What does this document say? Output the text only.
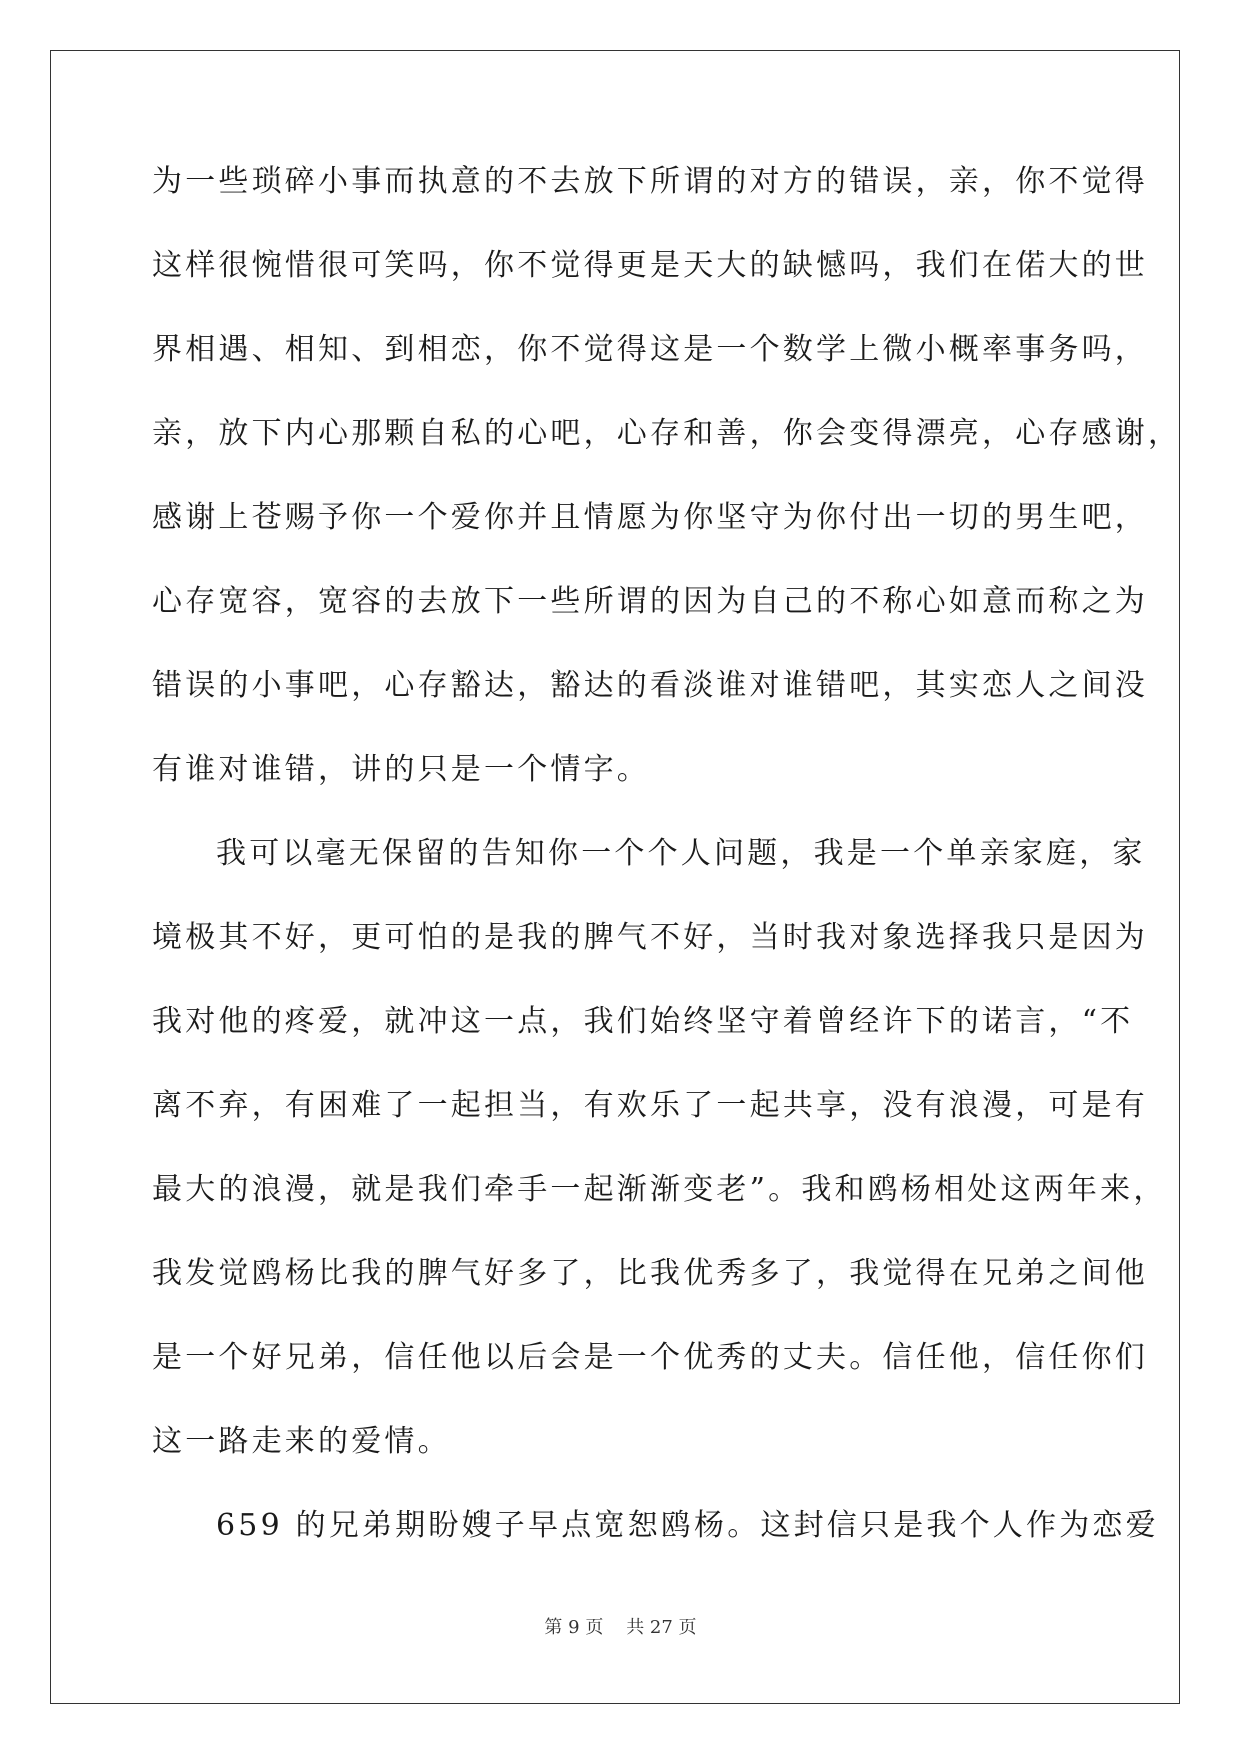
为一些琐碎小事而执意的不去放下所谓的对方的错误，亲，你不觉得
这样很惋惜很可笑吗，你不觉得更是天大的缺憾吗，我们在偌大的世
界相遇、相知、到相恋，你不觉得这是一个数学上微小概率事务吗，
亲，放下内心那颗自私的心吧，心存和善，你会变得漂亮，心存感谢，
感谢上苍赐予你一个爱你并且情愿为你坚守为你付出一切的男生吧，
心存宽容，宽容的去放下一些所谓的因为自己的不称心如意而称之为
错误的小事吧，心存豁达，豁达的看淡谁对谁错吧，其实恋人之间没
有谁对谁错，讲的只是一个情字。
我可以毫无保留的告知你一个个人问题，我是一个单亲家庭，家
境极其不好，更可怕的是我的脾气不好，当时我对象选择我只是因为
我对他的疼爱，就冲这一点，我们始终坚守着曾经许下的诺言，“不
离不弃，有困难了一起担当，有欢乐了一起共享，没有浪漫，可是有
最大的浪漫，就是我们牵手一起渐渐变老”。我和鸥杨相处这两年来，
我发觉鸥杨比我的脾气好多了，比我优秀多了，我觉得在兄弟之间他
是一个好兄弟，信任他以后会是一个优秀的丈夫。信任他，信任你们
这一路走来的爱情。
659 的兄弟期盼嫂子早点宽恕鸥杨。这封信只是我个人作为恋爱
第 9 页    共 27 页
